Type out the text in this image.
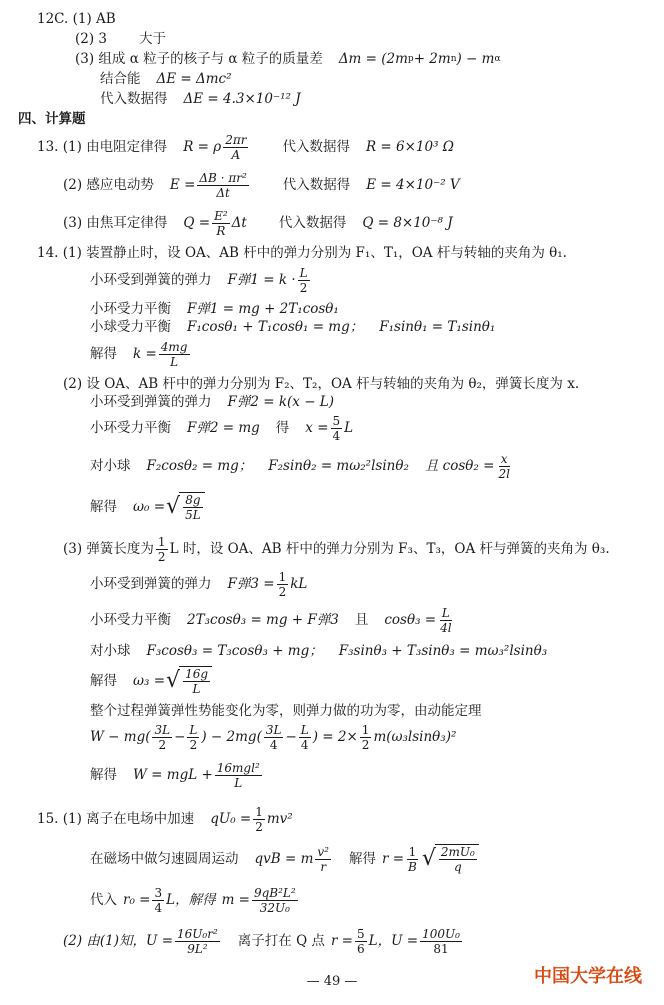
12C. (1) AB
(2) 3 大于
(3) 组成 α 粒子的核子与 α 粒子的质量差 Δm = (2m p + 2m n ) − m α
结合能 ΔE = Δmc²
代入数据得 ΔE = 4.3×10⁻¹² J
四、计算题
13. (1) 由电阻定律得 R = ρ $\frac{2\pi r}{A}$	代入数据得 R = 6×10³ Ω
(2) 感应电动势 $E = \frac{\text{ΔB · πr²}}{\Delta t}$	代入数据得 E = 4×10⁻² V
(3) 由焦耳定律得 $Q = \frac{\text{E²}}{R}$ Δt 代入数据得 Q = 8×10⁻⁸ J
14. (1) 装置静止时，设 OA、AB 杆中的弹力分别为 F₁、T₁，OA 杆与转轴的夹角为 θ₁.
小环受到弹簧的弹力 F弹$1 = k \cdot \frac{L}{2}$
小环受力平衡 F弹1 = mg + 2T₁cosθ₁
小球受力平衡 F₁cosθ₁ + T₁cosθ₁ = mg； F₁sinθ₁ = T₁sinθ₁
解得 $k = \frac{4mg}{L}$
(2) 设 OA、AB 杆中的弹力分别为 F₂、T₂，OA 杆与转轴的夹角为 θ₂，弹簧长度为 x.
小环受到弹簧的弹力 F弹2 = k(x − L)
小环受力平衡 F弹2 = mg 得 $x = \frac{5}{4}$ L
对小球 F₂cosθ₂ = mg； F₂sinθ₂ = mω₂²lsinθ₂ 且 $\cos\theta_2 = \frac{x}{2l}$
解得 ω₀ = √ $\frac{8g}{5L}$
(3) 弹簧长度为 $\frac{1}{2}$ L 时，设 OA、AB 杆中的弹力分别为 F₃、T₃，OA 杆与弹簧的夹角为 θ₃.
小环受到弹簧的弹力 F弹$3 = \frac{1}{2}$ kL
小环受力平衡 2T₃cosθ₃ = mg + F弹3 且 $\cos\theta_3 = \frac{L}{4l}$
对小球 F₃cosθ₃ = T₃cosθ₃ + mg； F₃sinθ₃ + T₃sinθ₃ = mω₃²lsinθ₃
解得 ω₃ = √ $\frac{16g}{L}$
整个过程弹簧弹性势能变化为零，则弹力做的功为零，由动能定理
$W - mg( \frac{3L}{2} - \frac{L}{2}$ ) − $2mg( \frac{3L}{4} - \frac{L}{4}$ ) = $2\times \frac{1}{2} m(\omega_3lsin\theta_3)^2$
解得 W = mgL + $\frac{\text{16mgl²}}{L}$
15. (1) 离子在电场中加速 $qU_0 = \frac{1}{2} mv^2$
在磁场中做匀速圆周运动 qvB = m $\frac{\text{v²}}{r}$ 解得 $r = \frac{1}{B}$ √ $\frac{\text{2mU₀}}{q}$
代入 $r_0 = \frac{3}{4}$ L，解得 $m = \frac{\text{9qB²L²}}{\text{32U₀}}$
(2) 由(1)知，$U = \frac{\text{16U₀r²}}{\text{9L²}}$ 离子打在 Q 点 $r = \frac{5}{6}$ L，$U = \frac{\text{100U₀}}{81}$
— 49 —	中国大学在线
